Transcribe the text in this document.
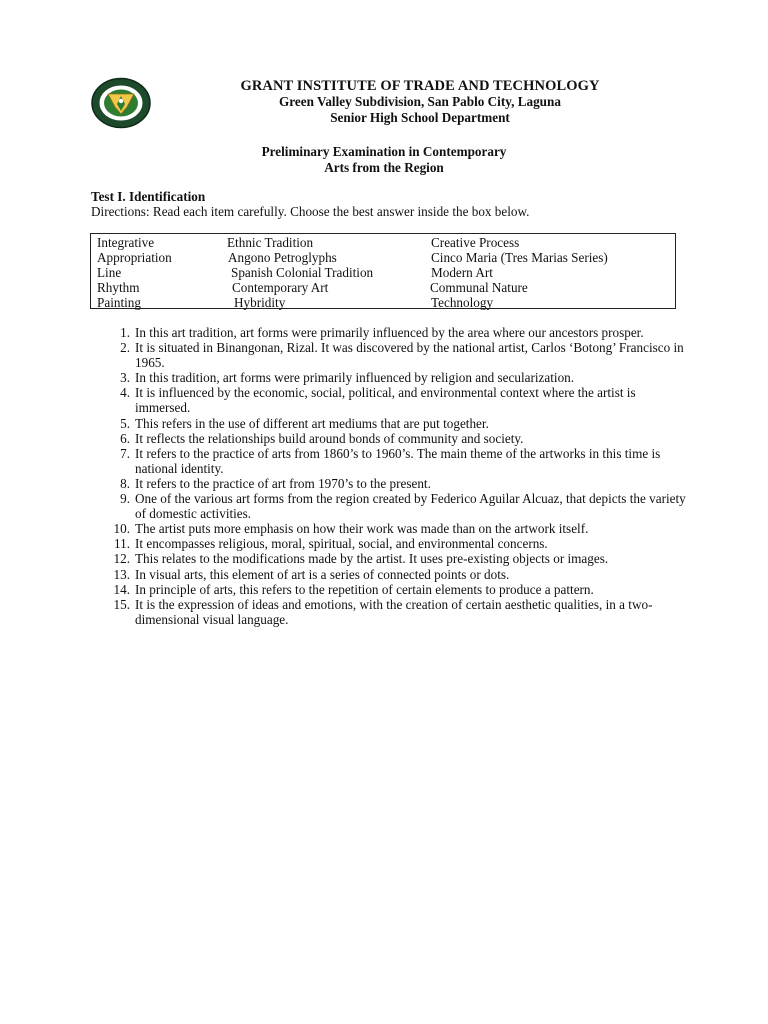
GRANT INSTITUTE OF TRADE AND TECHNOLOGY
Green Valley Subdivision, San Pablo City, Laguna
Senior High School Department
Preliminary Examination in Contemporary
Arts from the Region
Test I. Identification
Directions: Read each item carefully. Choose the best answer inside the box below.
Integrative	Ethnic Tradition	Creative Process
Appropriation	Angono Petroglyphs	Cinco Maria (Tres Marias Series)
Line	Spanish Colonial Tradition	Modern Art
Rhythm	Contemporary Art	Communal Nature
Painting	Hybridity	Technology
1. In this art tradition, art forms were primarily influenced by the area where our ancestors prosper.
2. It is situated in Binangonan, Rizal. It was discovered by the national artist, Carlos ‘Botong’ Francisco in 1965.
3. In this tradition, art forms were primarily influenced by religion and secularization.
4. It is influenced by the economic, social, political, and environmental context where the artist is immersed.
5. This refers in the use of different art mediums that are put together.
6. It reflects the relationships build around bonds of community and society.
7. It refers to the practice of arts from 1860’s to 1960’s. The main theme of the artworks in this time is national identity.
8. It refers to the practice of art from 1970’s to the present.
9. One of the various art forms from the region created by Federico Aguilar Alcuaz, that depicts the variety of domestic activities.
10. The artist puts more emphasis on how their work was made than on the artwork itself.
11. It encompasses religious, moral, spiritual, social, and environmental concerns.
12. This relates to the modifications made by the artist. It uses pre-existing objects or images.
13. In visual arts, this element of art is a series of connected points or dots.
14. In principle of arts, this refers to the repetition of certain elements to produce a pattern.
15. It is the expression of ideas and emotions, with the creation of certain aesthetic qualities, in a two-dimensional visual language.
